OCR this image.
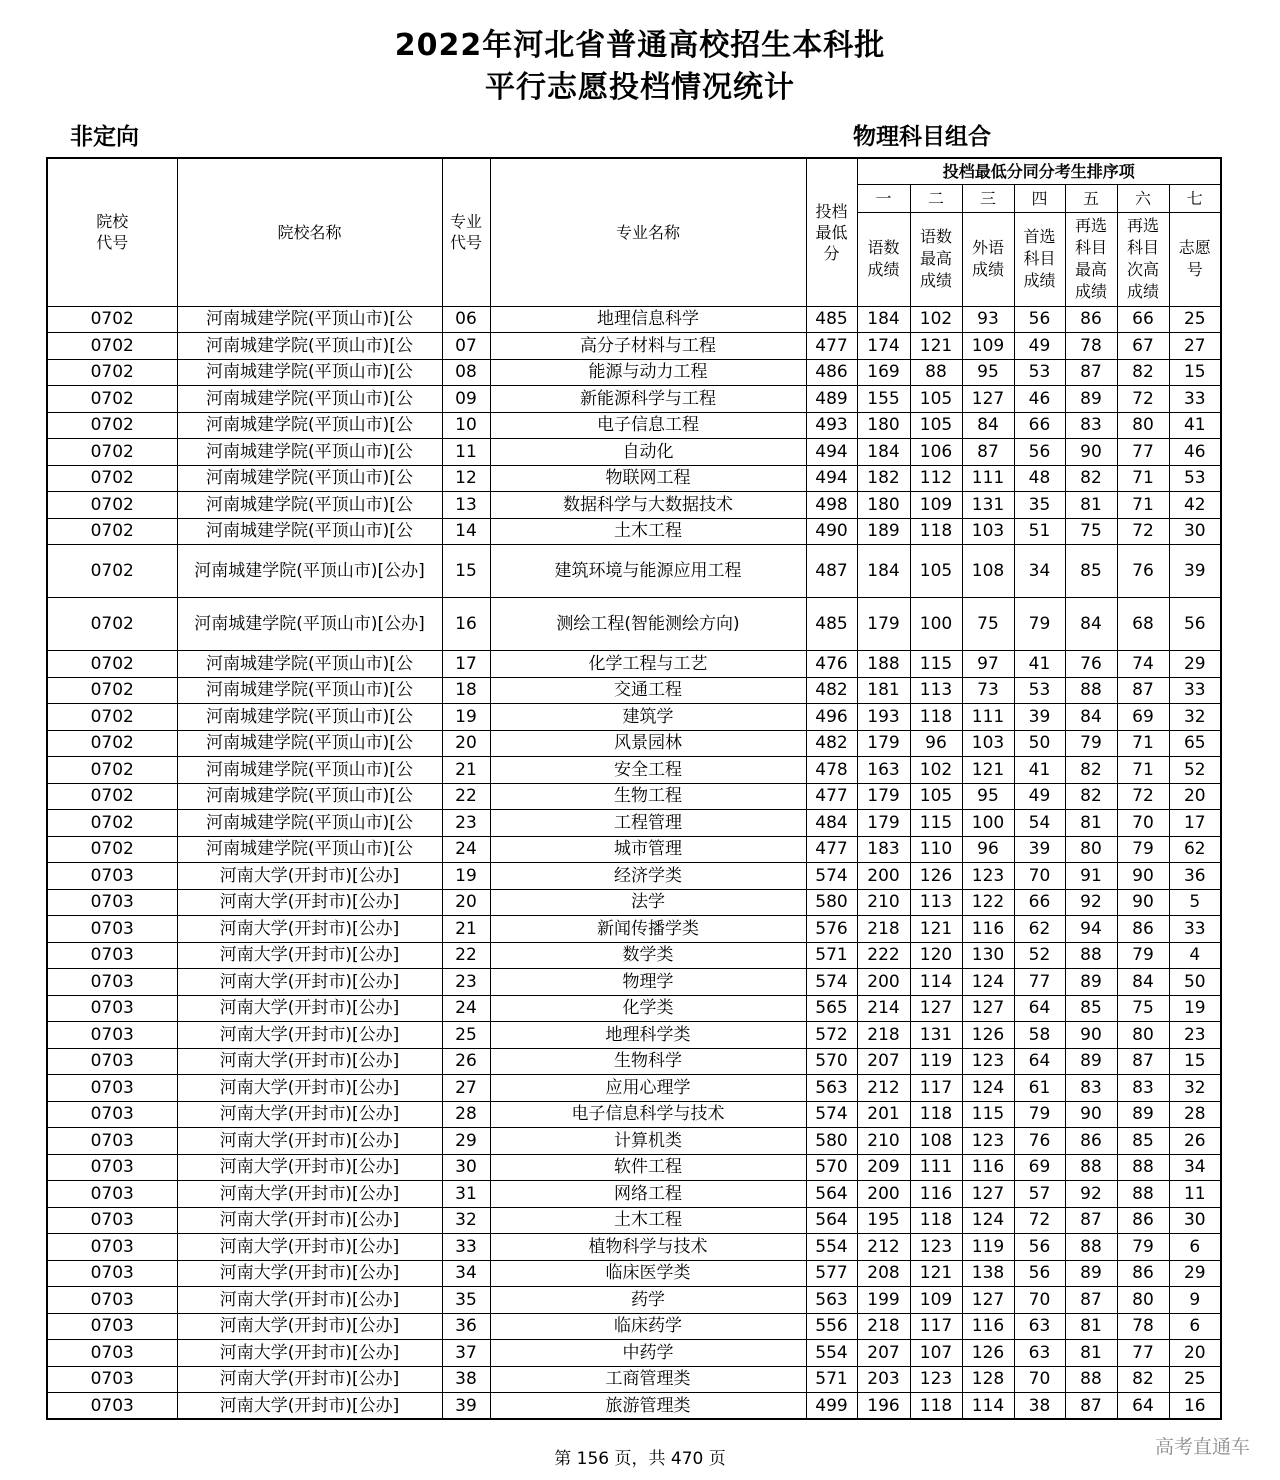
2022年河北省普通高校招生本科批
平行志愿投档情况统计
非定向	物理科目组合
院校代号	院校名称	专业代号	专业名称	投档最低分	投档最低分同分考生排序项						
					一	二	三	四	五	六	七
					语数成绩	语数最高成绩	外语成绩	首选科目成绩	再选科目最高成绩	再选科目次高成绩	志愿号
0702	河南城建学院(平顶山市)[公	06	地理信息科学	485	184	102	93	56	86	66	25
0702	河南城建学院(平顶山市)[公	07	高分子材料与工程	477	174	121	109	49	78	67	27
0702	河南城建学院(平顶山市)[公	08	能源与动力工程	486	169	88	95	53	87	82	15
0702	河南城建学院(平顶山市)[公	09	新能源科学与工程	489	155	105	127	46	89	72	33
0702	河南城建学院(平顶山市)[公	10	电子信息工程	493	180	105	84	66	83	80	41
0702	河南城建学院(平顶山市)[公	11	自动化	494	184	106	87	56	90	77	46
0702	河南城建学院(平顶山市)[公	12	物联网工程	494	182	112	111	48	82	71	53
0702	河南城建学院(平顶山市)[公	13	数据科学与大数据技术	498	180	109	131	35	81	71	42
0702	河南城建学院(平顶山市)[公	14	土木工程	490	189	118	103	51	75	72	30
0702	河南城建学院(平顶山市)[公办]	15	建筑环境与能源应用工程	487	184	105	108	34	85	76	39
0702	河南城建学院(平顶山市)[公办]	16	测绘工程(智能测绘方向)	485	179	100	75	79	84	68	56
0702	河南城建学院(平顶山市)[公	17	化学工程与工艺	476	188	115	97	41	76	74	29
0702	河南城建学院(平顶山市)[公	18	交通工程	482	181	113	73	53	88	87	33
0702	河南城建学院(平顶山市)[公	19	建筑学	496	193	118	111	39	84	69	32
0702	河南城建学院(平顶山市)[公	20	风景园林	482	179	96	103	50	79	71	65
0702	河南城建学院(平顶山市)[公	21	安全工程	478	163	102	121	41	82	71	52
0702	河南城建学院(平顶山市)[公	22	生物工程	477	179	105	95	49	82	72	20
0702	河南城建学院(平顶山市)[公	23	工程管理	484	179	115	100	54	81	70	17
0702	河南城建学院(平顶山市)[公	24	城市管理	477	183	110	96	39	80	79	62
0703	河南大学(开封市)[公办]	19	经济学类	574	200	126	123	70	91	90	36
0703	河南大学(开封市)[公办]	20	法学	580	210	113	122	66	92	90	5
0703	河南大学(开封市)[公办]	21	新闻传播学类	576	218	121	116	62	94	86	33
0703	河南大学(开封市)[公办]	22	数学类	571	222	120	130	52	88	79	4
0703	河南大学(开封市)[公办]	23	物理学	574	200	114	124	77	89	84	50
0703	河南大学(开封市)[公办]	24	化学类	565	214	127	127	64	85	75	19
0703	河南大学(开封市)[公办]	25	地理科学类	572	218	131	126	58	90	80	23
0703	河南大学(开封市)[公办]	26	生物科学	570	207	119	123	64	89	87	15
0703	河南大学(开封市)[公办]	27	应用心理学	563	212	117	124	61	83	83	32
0703	河南大学(开封市)[公办]	28	电子信息科学与技术	574	201	118	115	79	90	89	28
0703	河南大学(开封市)[公办]	29	计算机类	580	210	108	123	76	86	85	26
0703	河南大学(开封市)[公办]	30	软件工程	570	209	111	116	69	88	88	34
0703	河南大学(开封市)[公办]	31	网络工程	564	200	116	127	57	92	88	11
0703	河南大学(开封市)[公办]	32	土木工程	564	195	118	124	72	87	86	30
0703	河南大学(开封市)[公办]	33	植物科学与技术	554	212	123	119	56	88	79	6
0703	河南大学(开封市)[公办]	34	临床医学类	577	208	121	138	56	89	86	29
0703	河南大学(开封市)[公办]	35	药学	563	199	109	127	70	87	80	9
0703	河南大学(开封市)[公办]	36	临床药学	556	218	117	116	63	81	78	6
0703	河南大学(开封市)[公办]	37	中药学	554	207	107	126	63	81	77	20
0703	河南大学(开封市)[公办]	38	工商管理类	571	203	123	128	70	88	82	25
0703	河南大学(开封市)[公办]	39	旅游管理类	499	196	118	114	38	87	64	16
第 156 页，共 470 页
高考直通车
